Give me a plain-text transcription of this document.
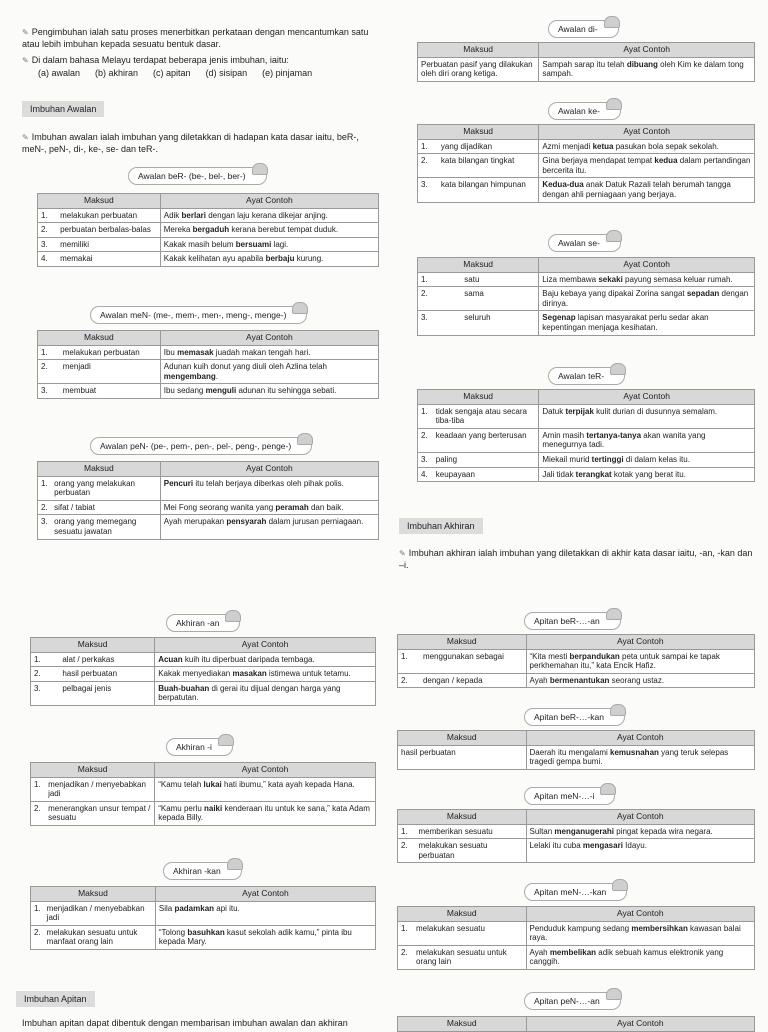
✎ Pengimbuhan ialah satu proses menerbitkan perkataan dengan mencantumkan satu atau lebih imbuhan kepada sesuatu bentuk dasar.
✎ Di dalam bahasa Melayu terdapat beberapa jenis imbuhan, iaitu:
(a) awalan      (b) akhiran      (c) apitan      (d) sisipan      (e) pinjaman
Imbuhan Awalan
✎ Imbuhan awalan ialah imbuhan yang diletakkan di hadapan kata dasar iaitu, beR-, meN-, peN-, di-, ke-, se- dan teR-.
Imbuhan Akhiran
✎ Imbuhan akhiran ialah imbuhan yang diletakkan di akhir kata dasar iaitu, -an, -kan dan –i.
Imbuhan Apitan
Imbuhan apitan dapat dibentuk dengan membarisan imbuhan awalan dan akhiran
Awalan beR- (be-, bel-, ber-)
Awalan meN- (me-, mem-, men-, meng-, menge-)
Awalan peN- (pe-, pem-, pen-, pel-, peng-, penge-)
Awalan di-
Awalan ke-
Awalan se-
Awalan teR-
Akhiran -an
Akhiran -i
Akhiran -kan
Apitan beR-…-an
Apitan beR-…-kan
Apitan meN-…-i
Apitan meN-…-kan
Apitan peN-…-an
Maksud		Ayat Contoh
1.	melakukan perbuatan	Adik berlari dengan laju kerana dikejar anjing.
2.	perbuatan berbalas-balas	Mereka bergaduh kerana berebut tempat duduk.
3.	memiliki	Kakak masih belum bersuami lagi.
4.	memakai	Kakak kelihatan ayu apabila berbaju kurung.
Maksud		Ayat Contoh
1.	melakukan perbuatan	Ibu memasak juadah makan tengah hari.
2.	menjadi	Adunan kuih donut yang diuli oleh Azlina telah mengembang.
3.	membuat	Ibu sedang menguli adunan itu sehingga sebati.
Maksud		Ayat Contoh
1.	orang yang melakukan perbuatan	Pencuri itu telah berjaya diberkas oleh pihak polis.
2.	sifat / tabiat	Mei Fong seorang wanita yang peramah dan baik.
3.	orang yang memegang sesuatu jawatan	Ayah merupakan pensyarah dalam jurusan perniagaan.
Maksud	Ayat Contoh
Perbuatan pasif yang dilakukan oleh diri orang ketiga.	Sampah sarap itu telah dibuang oleh Kim ke dalam tong sampah.
Maksud		Ayat Contoh
1.	yang dijadikan	Azmi menjadi ketua pasukan bola sepak sekolah.
2.	kata bilangan tingkat	Gina berjaya mendapat tempat kedua dalam pertandingan bercerita itu.
3.	kata bilangan himpunan	Kedua-dua anak Datuk Razali telah berumah tangga dengan ahli perniagaan yang berjaya.
Maksud		Ayat Contoh
1.	satu	Liza membawa sekaki payung semasa keluar rumah.
2.	sama	Baju kebaya yang dipakai Zorina sangat sepadan dengan dirinya.
3.	seluruh	Segenap lapisan masyarakat perlu sedar akan kepentingan menjaga kesihatan.
Maksud		Ayat Contoh
1.	tidak sengaja atau secara tiba-tiba	Datuk terpijak kulit durian di dusunnya semalam.
2.	keadaan yang berterusan	Amin masih tertanya-tanya akan wanita yang menegurnya tadi.
3.	paling	Miekail murid tertinggi di dalam kelas itu.
4.	keupayaan	Jali tidak terangkat kotak yang berat itu.
Maksud		Ayat Contoh
1.	alat / perkakas	Acuan kuih itu diperbuat daripada tembaga.
2.	hasil perbuatan	Kakak menyediakan masakan istimewa untuk tetamu.
3.	pelbagai jenis	Buah-buahan di gerai itu dijual dengan harga yang berpatutan.
Maksud		Ayat Contoh
1.	menjadikan / menyebabkan jadi	“Kamu telah lukai hati ibumu,” kata ayah kepada Hana.
2.	menerangkan unsur tempat / sesuatu	“Kamu perlu naiki kenderaan itu untuk ke sana,” kata Adam kepada Billy.
Maksud		Ayat Contoh
1.	menjadikan / menyebabkan jadi	Sila padamkan api itu.
2.	melakukan sesuatu untuk manfaat orang lain	“Tolong basuhkan kasut sekolah adik kamu,” pinta ibu kepada Mary.
Maksud		Ayat Contoh
1.	menggunakan sebagai	“Kita mesti berpandukan peta untuk sampai ke tapak perkhemahan itu,” kata Encik Hafiz.
2.	dengan / kepada	Ayah bermenantukan seorang ustaz.
Maksud	Ayat Contoh
hasil perbuatan	Daerah itu mengalami kemusnahan yang teruk selepas tragedi gempa bumi.
Maksud		Ayat Contoh
1.	memberikan sesuatu	Sultan menganugerahi pingat kepada wira negara.
2.	melakukan sesuatu perbuatan	Lelaki itu cuba mengasari Idayu.
Maksud		Ayat Contoh
1.	melakukan sesuatu	Penduduk kampung sedang membersihkan kawasan balai raya.
2.	melakukan sesuatu untuk orang lain	Ayah membelikan adik sebuah kamus elektronik yang canggih.
Maksud	Ayat Contoh
